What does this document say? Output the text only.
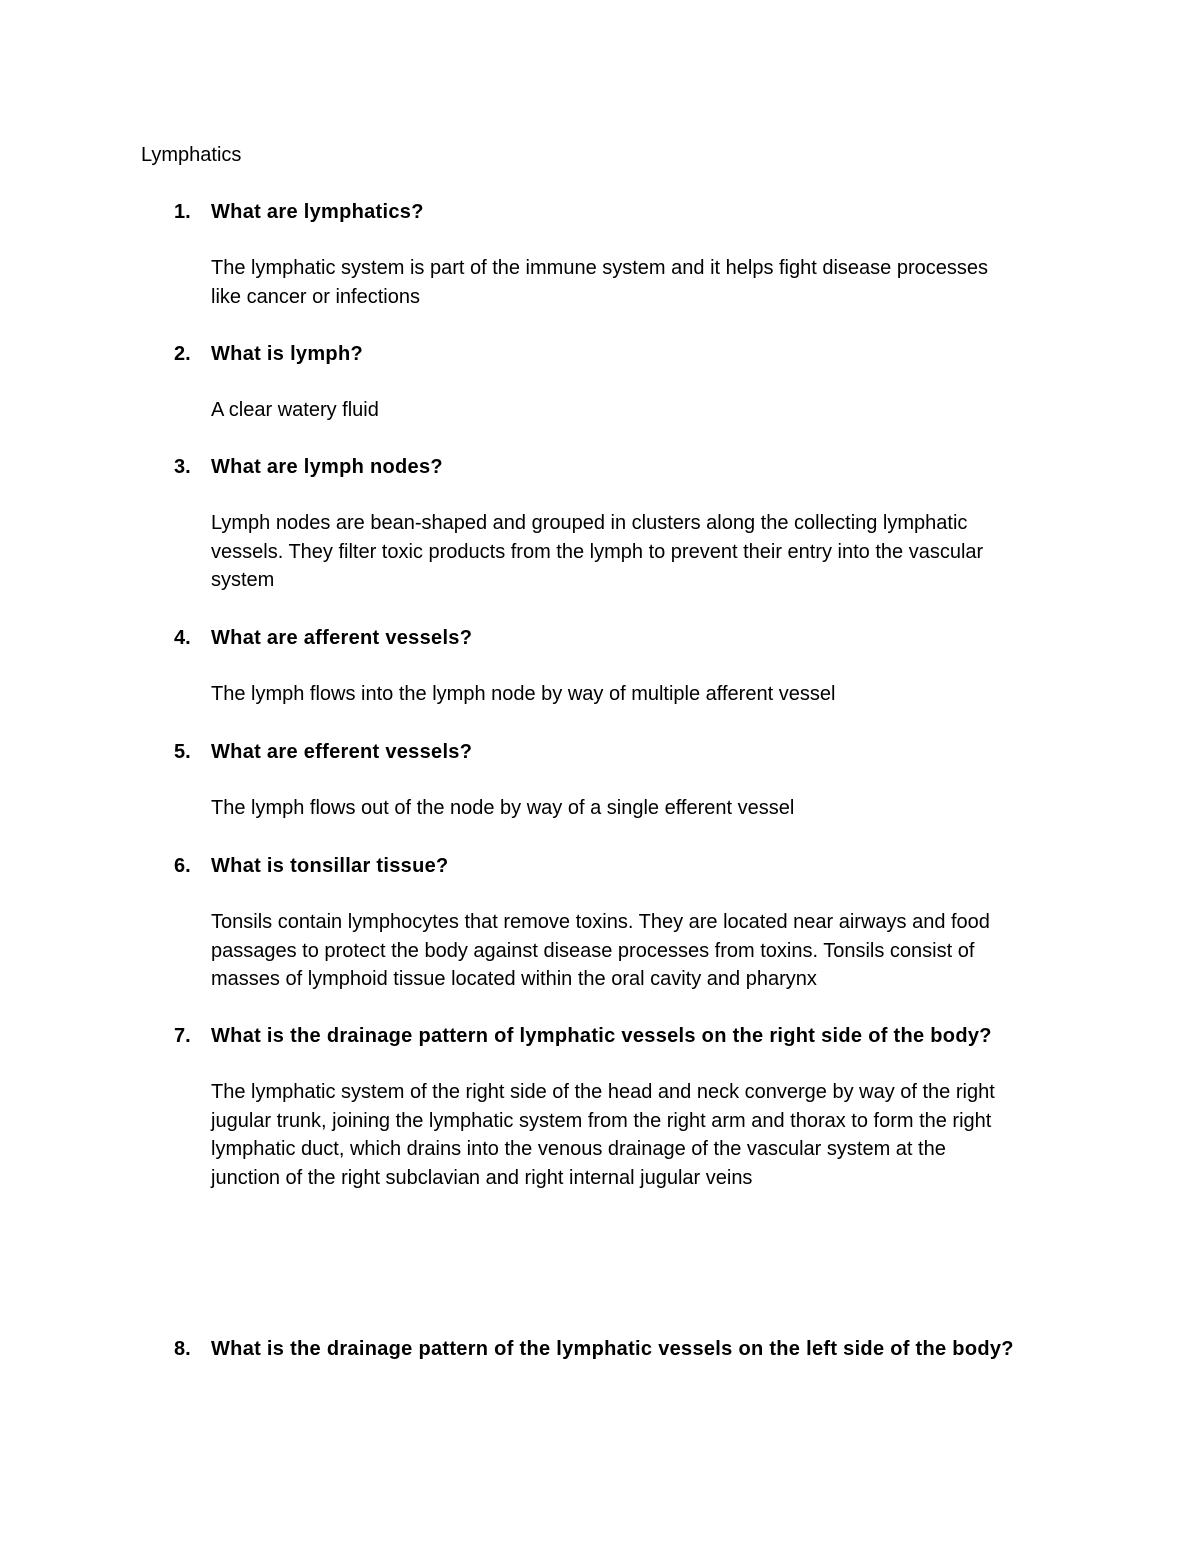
Lymphatics
1. What are lymphatics?
The lymphatic system is part of the immune system and it helps fight disease processes
like cancer or infections
2. What is lymph?
A clear watery fluid
3. What are lymph nodes?
Lymph nodes are bean-shaped and grouped in clusters along the collecting lymphatic
vessels. They filter toxic products from the lymph to prevent their entry into the vascular
system
4. What are afferent vessels?
The lymph flows into the lymph node by way of multiple afferent vessel
5. What are efferent vessels?
The lymph flows out of the node by way of a single efferent vessel
6. What is tonsillar tissue?
Tonsils contain lymphocytes that remove toxins. They are located near airways and food
passages to protect the body against disease processes from toxins. Tonsils consist of
masses of lymphoid tissue located within the oral cavity and pharynx
7. What is the drainage pattern of lymphatic vessels on the right side of the body?
The lymphatic system of the right side of the head and neck converge by way of the right
jugular trunk, joining the lymphatic system from the right arm and thorax to form the right
lymphatic duct, which drains into the venous drainage of the vascular system at the
junction of the right subclavian and right internal jugular veins
8. What is the drainage pattern of the lymphatic vessels on the left side of the body?
